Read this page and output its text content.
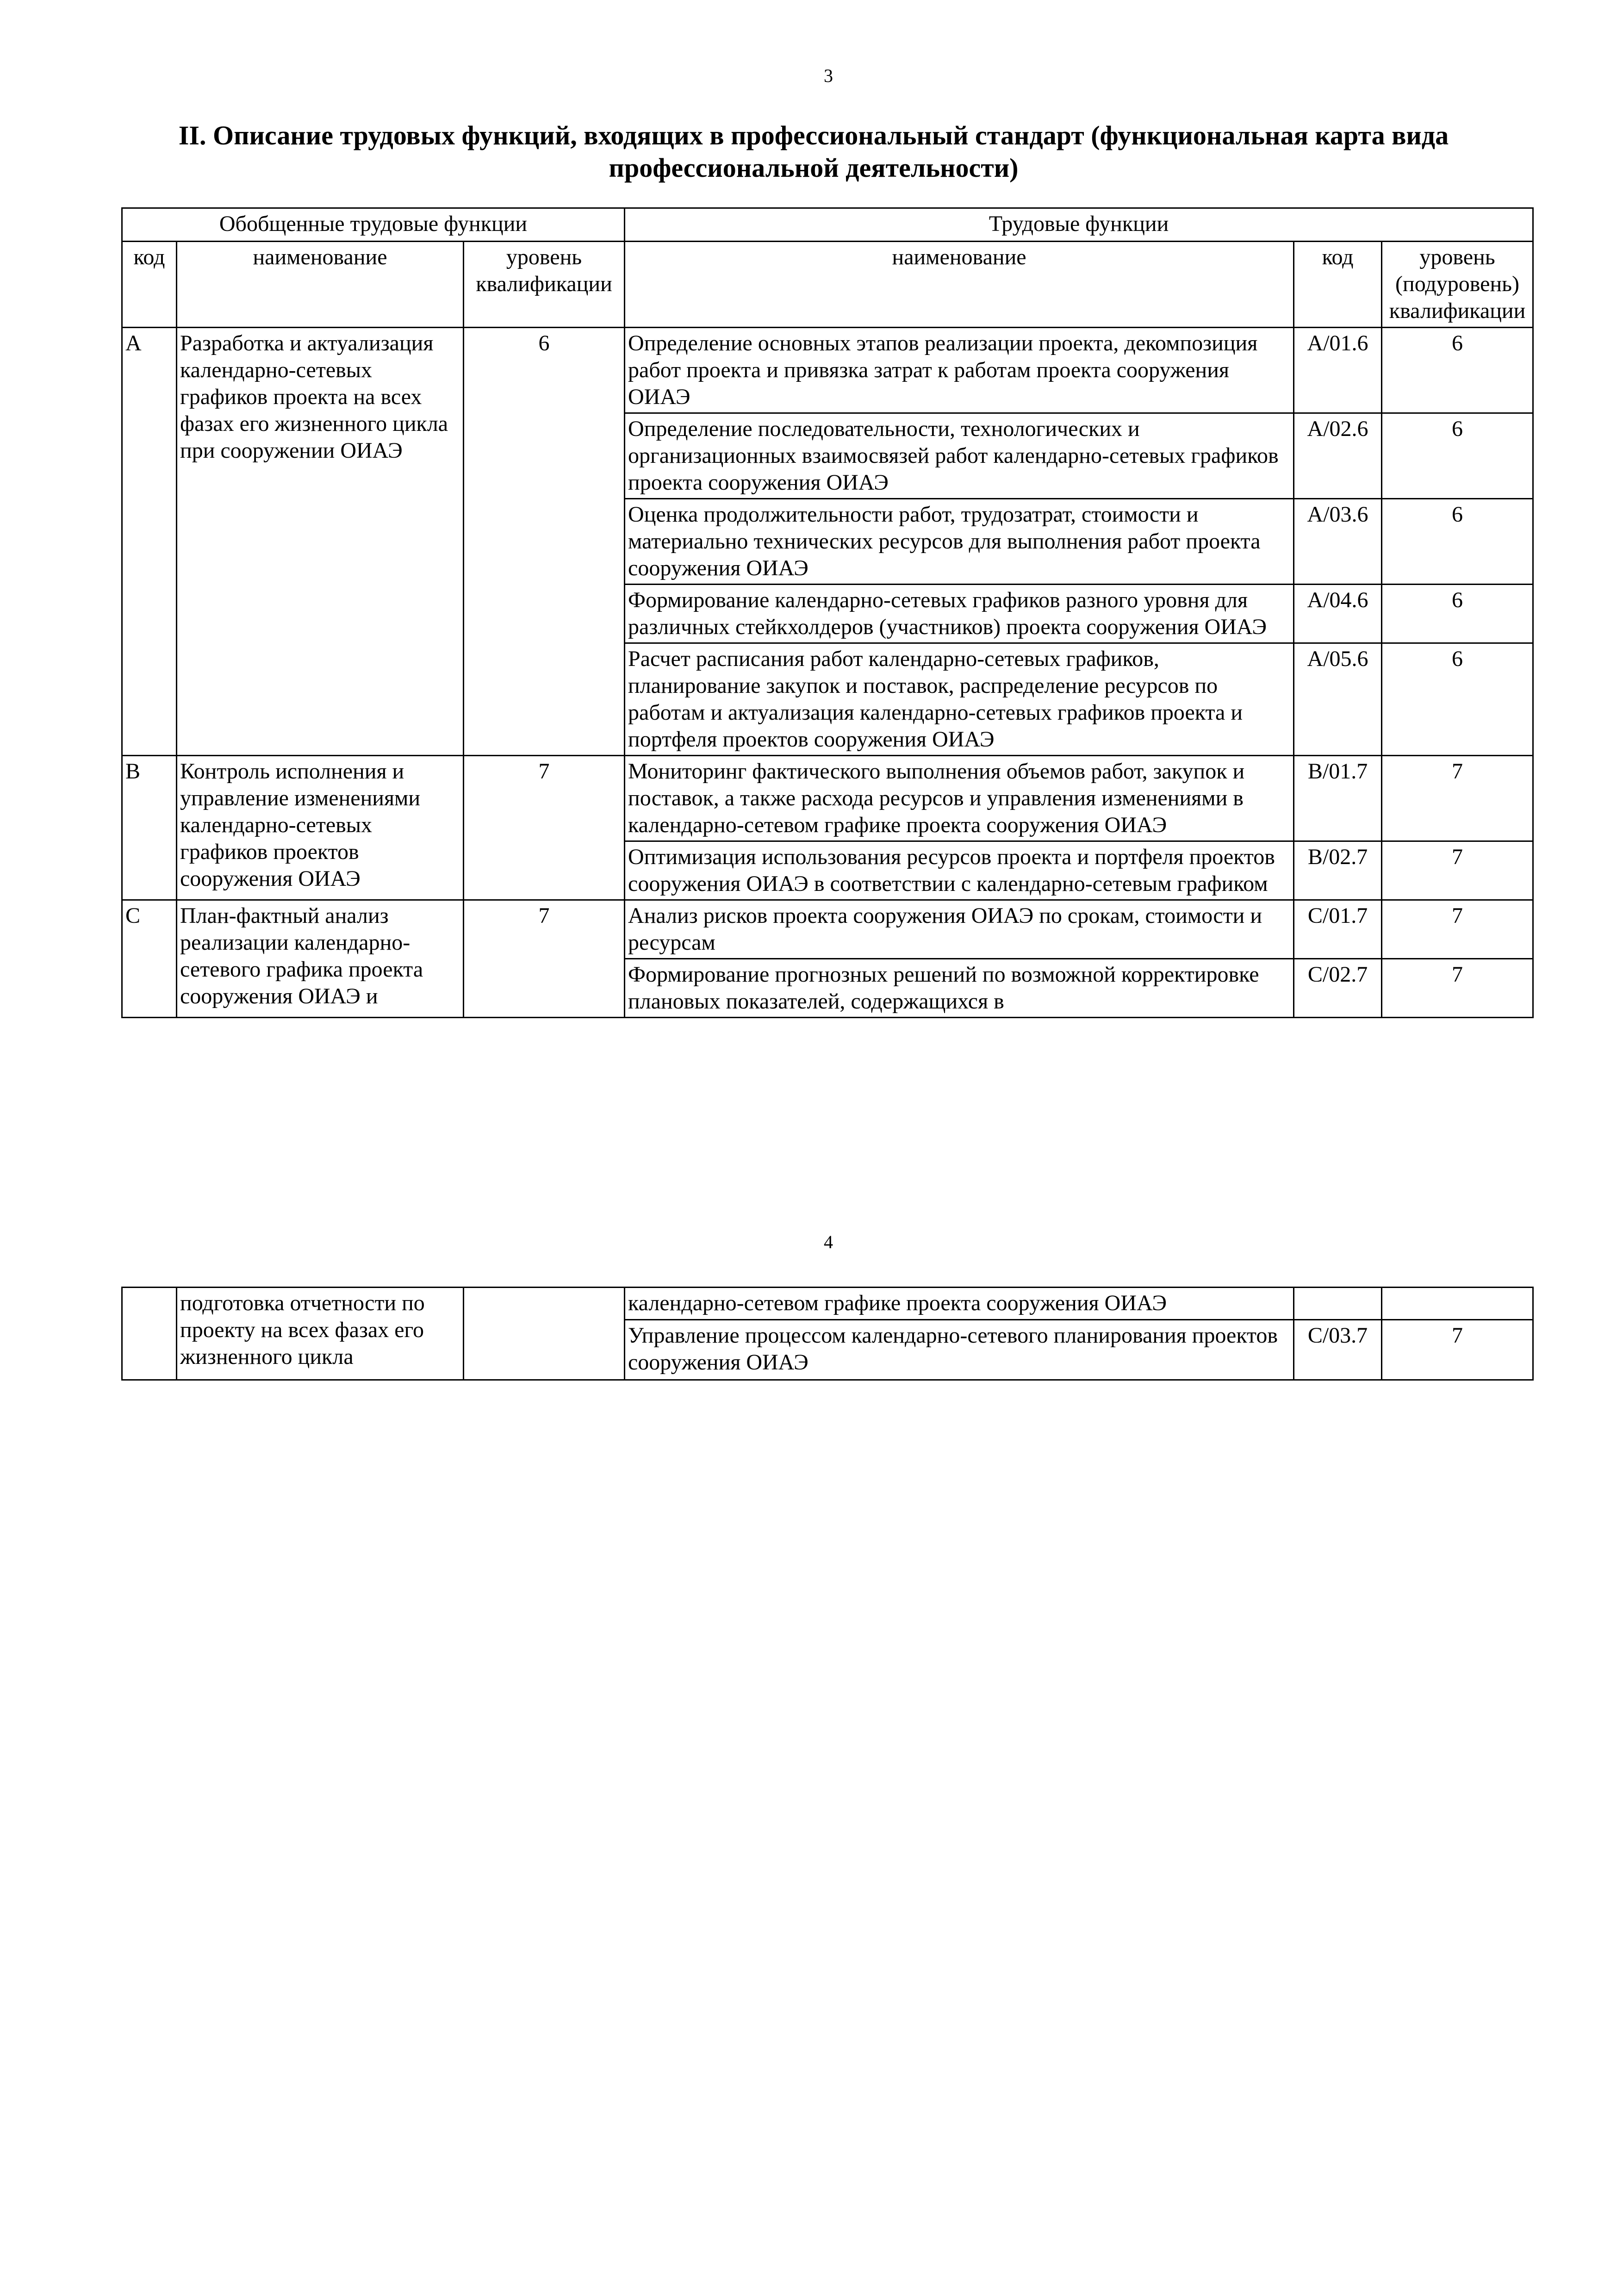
3
II. Описание трудовых функций, входящих в профессиональный стандарт (функциональная карта вида профессиональной деятельности)
Обобщенные трудовые функции			Трудовые функции		
код	наименование	уровень квалификации	наименование	код	уровень (подуровень) квалификации
A	Разработка и актуализация календарно-сетевых графиков проекта на всех фазах его жизненного цикла при сооружении ОИАЭ	6	Определение основных этапов реализации проекта, декомпозиция работ проекта и привязка затрат к работам проекта сооружения ОИАЭ	A/01.6	6
			Определение последовательности, технологических и организационных взаимосвязей работ календарно-сетевых графиков проекта сооружения ОИАЭ	A/02.6	6
			Оценка продолжительности работ, трудозатрат, стоимости и материально технических ресурсов для выполнения работ проекта сооружения ОИАЭ	A/03.6	6
			Формирование календарно-сетевых графиков разного уровня для различных стейкхолдеров (участников) проекта сооружения ОИАЭ	A/04.6	6
			Расчет расписания работ календарно-сетевых графиков, планирование закупок и поставок, распределение ресурсов по работам и актуализация календарно-сетевых графиков проекта и портфеля проектов сооружения ОИАЭ	A/05.6	6
B	Контроль исполнения и управление изменениями календарно-сетевых графиков проектов сооружения ОИАЭ	7	Мониторинг фактического выполнения объемов работ, закупок и поставок, а также расхода ресурсов и управления изменениями в календарно-сетевом графике проекта сооружения ОИАЭ	B/01.7	7
			Оптимизация использования ресурсов проекта и портфеля проектов сооружения ОИАЭ в соответствии с календарно-сетевым графиком	B/02.7	7
C	План-фактный анализ реализации календарно-сетевого графика проекта сооружения ОИАЭ и	7	Анализ рисков проекта сооружения ОИАЭ по срокам, стоимости и ресурсам	C/01.7	7
			Формирование прогнозных решений по возможной корректировке плановых показателей, содержащихся в	C/02.7	7
4
	подготовка отчетности по проекту на всех фазах его жизненного цикла		календарно-сетевом графике проекта сооружения ОИАЭ		
			Управление процессом календарно-сетевого планирования проектов сооружения ОИАЭ	C/03.7	7
